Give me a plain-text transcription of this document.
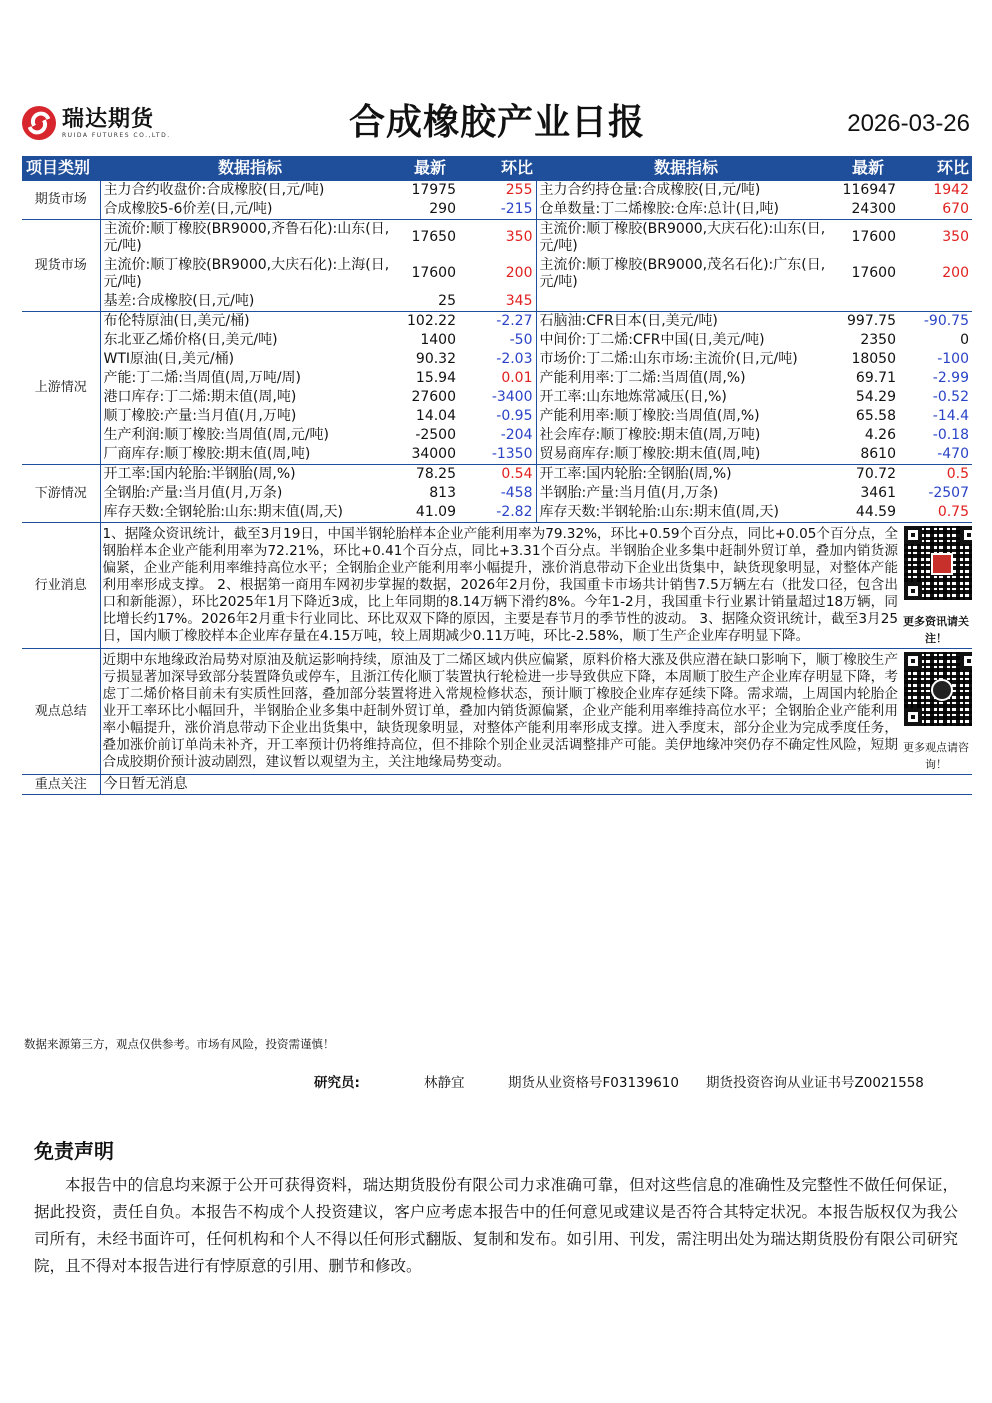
瑞达期货
RUIDA FUTURES CO.,LTD.	合成橡胶产业日报	2026-03-26
项目类别	数据指标	最新	环比	数据指标	最新	环比
期货市场	主力合约收盘价:合成橡胶(日,元/吨)	17975	255	主力合约持仓量:合成橡胶(日,元/吨)	116947	1942
	合成橡胶5-6价差(日,元/吨)	290	-215	仓单数量:丁二烯橡胶:仓库:总计(日,吨)	24300	670
现货市场	主流价:顺丁橡胶(BR9000,齐鲁石化):山东(日,元/吨)	17650	350	主流价:顺丁橡胶(BR9000,大庆石化):山东(日,元/吨)	17600	350
	主流价:顺丁橡胶(BR9000,大庆石化):上海(日,元/吨)	17600	200	主流价:顺丁橡胶(BR9000,茂名石化):广东(日,元/吨)	17600	200
	基差:合成橡胶(日,元/吨)	25	345			
上游情况	布伦特原油(日,美元/桶)	102.22	-2.27	石脑油:CFR日本(日,美元/吨)	997.75	-90.75
	东北亚乙烯价格(日,美元/吨)	1400	-50	中间价:丁二烯:CFR中国(日,美元/吨)	2350	0
	WTI原油(日,美元/桶)	90.32	-2.03	市场价:丁二烯:山东市场:主流价(日,元/吨)	18050	-100
	产能:丁二烯:当周值(周,万吨/周)	15.94	0.01	产能利用率:丁二烯:当周值(周,%)	69.71	-2.99
	港口库存:丁二烯:期末值(周,吨)	27600	-3400	开工率:山东地炼常减压(日,%)	54.29	-0.52
	顺丁橡胶:产量:当月值(月,万吨)	14.04	-0.95	产能利用率:顺丁橡胶:当周值(周,%)	65.58	-14.4
	生产利润:顺丁橡胶:当周值(周,元/吨)	-2500	-204	社会库存:顺丁橡胶:期末值(周,万吨)	4.26	-0.18
	厂商库存:顺丁橡胶:期末值(周,吨)	34000	-1350	贸易商库存:顺丁橡胶:期末值(周,吨)	8610	-470
下游情况	开工率:国内轮胎:半钢胎(周,%)	78.25	0.54	开工率:国内轮胎:全钢胎(周,%)	70.72	0.5
	全钢胎:产量:当月值(月,万条)	813	-458	半钢胎:产量:当月值(月,万条)	3461	-2507
	库存天数:全钢轮胎:山东:期末值(周,天)	41.09	-2.82	库存天数:半钢轮胎:山东:期末值(周,天)	44.59	0.75
行业消息	1、据隆众资讯统计，截至3月19日，中国半钢轮胎样本企业产能利用率为79.32%，环比+0.59个百分点，同比+0.05个百分点，全钢胎样本企业产能利用率为72.21%，环比+0.41个百分点，同比+3.31个百分点。半钢胎企业多集中赶制外贸订单，叠加内销货源偏紧，企业产能利用率维持高位水平；全钢胎企业产能利用率小幅提升，涨价消息带动下企业出货集中，缺货现象明显，对整体产能利用率形成支撑。 2、根据第一商用车网初步掌握的数据，2026年2月份，我国重卡市场共计销售7.5万辆左右（批发口径，包含出口和新能源），环比2025年1月下降近3成，比上年同期的8.14万辆下滑约8%。今年1-2月，我国重卡行业累计销量超过18万辆，同比增长约17%。2026年2月重卡行业同比、环比双双下降的原因，主要是春节月的季节性的波动。 3、据隆众资讯统计，截至3月25日，国内顺丁橡胶样本企业库存量在4.15万吨，较上周期减少0.11万吨，环比-2.58%，顺丁生产企业库存明显下降。					更多资讯请关注！

观点总结	近期中东地缘政治局势对原油及航运影响持续，原油及丁二烯区域内供应偏紧，原料价格大涨及供应潜在缺口影响下，顺丁橡胶生产亏损显著加深导致部分装置降负或停车，且浙江传化顺丁装置执行轮检进一步导致供应下降，本周顺丁胶生产企业库存明显下降，考虑丁二烯价格目前未有实质性回落，叠加部分装置将进入常规检修状态，预计顺丁橡胶企业库存延续下降。需求端，上周国内轮胎企业开工率环比小幅回升，半钢胎企业多集中赶制外贸订单，叠加内销货源偏紧，企业产能利用率维持高位水平；全钢胎企业产能利用率小幅提升，涨价消息带动下企业出货集中，缺货现象明显，对整体产能利用率形成支撑。进入季度末，部分企业为完成季度任务，叠加涨价前订单尚未补齐，开工率预计仍将维持高位，但不排除个别企业灵活调整排产可能。美伊地缘冲突仍存不确定性风险，短期合成胶期价预计波动剧烈，建议暂以观望为主，关注地缘局势变动。					更多观点请咨询！

重点关注	今日暂无消息					
数据来源第三方，观点仅供参考。市场有风险，投资需谨慎！
研究员:	林静宜	期货从业资格号F03139610	期货投资咨询从业证书号Z0021558
免责声明
本报告中的信息均来源于公开可获得资料，瑞达期货股份有限公司力求准确可靠，但对这些信息的准确性及完整性不做任何保证，据此投资，责任自负。本报告不构成个人投资建议，客户应考虑本报告中的任何意见或建议是否符合其特定状况。本报告版权仅为我公司所有，未经书面许可，任何机构和个人不得以任何形式翻版、复制和发布。如引用、刊发，需注明出处为瑞达期货股份有限公司研究院，且不得对本报告进行有悖原意的引用、删节和修改。
